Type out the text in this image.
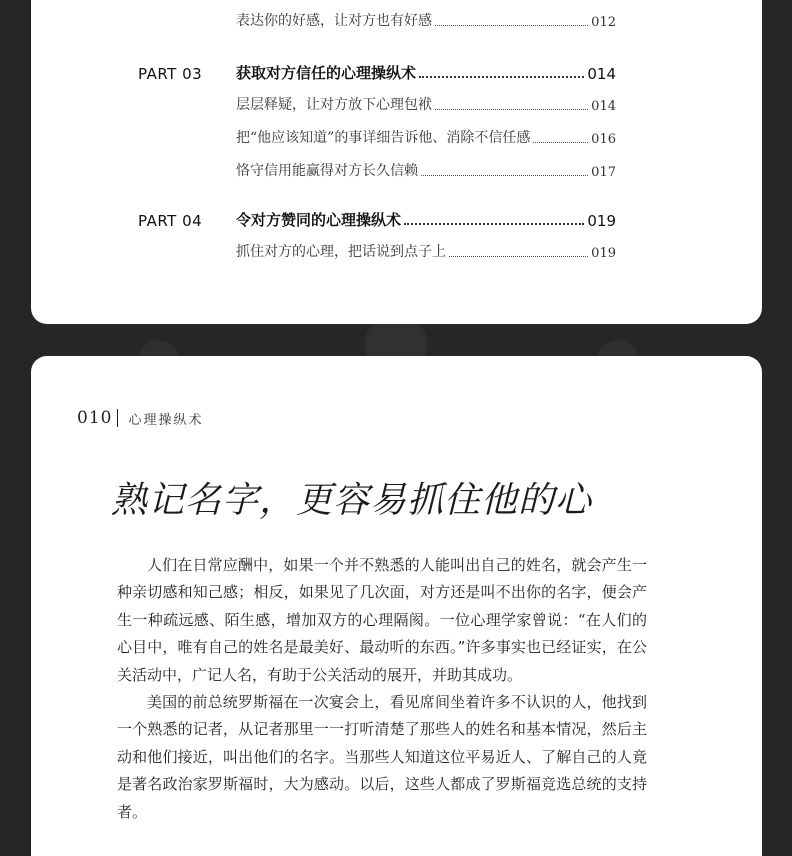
表达你的好感，让对方也有好感	012
PART 03	获取对方信任的心理操纵术	014
层层释疑，让对方放下心理包袱	014
把“他应该知道”的事详细告诉他、消除不信任感	016
恪守信用能赢得对方长久信赖	017
PART 04	令对方赞同的心理操纵术	019
抓住对方的心理，把话说到点子上	019
010 心理操纵术
熟记名字，更容易抓住他的心

人们在日常应酬中，如果一个并不熟悉的人能叫出自己的姓名，就会产生一种亲切感和知己感；相反，如果见了几次面，对方还是叫不出你的名字，便会产生一种疏远感、陌生感，增加双方的心理隔阂。一位心理学家曾说：“在人们的心目中，唯有自己的姓名是最美好、最动听的东西。”许多事实也已经证实，在公关活动中，广记人名，有助于公关活动的展开，并助其成功。

美国的前总统罗斯福在一次宴会上，看见席间坐着许多不认识的人，他找到一个熟悉的记者，从记者那里一一打听清楚了那些人的姓名和基本情况，然后主动和他们接近，叫出他们的名字。当那些人知道这位平易近人、了解自己的人竟是著名政治家罗斯福时，大为感动。以后，这些人都成了罗斯福竞选总统的支持者。
